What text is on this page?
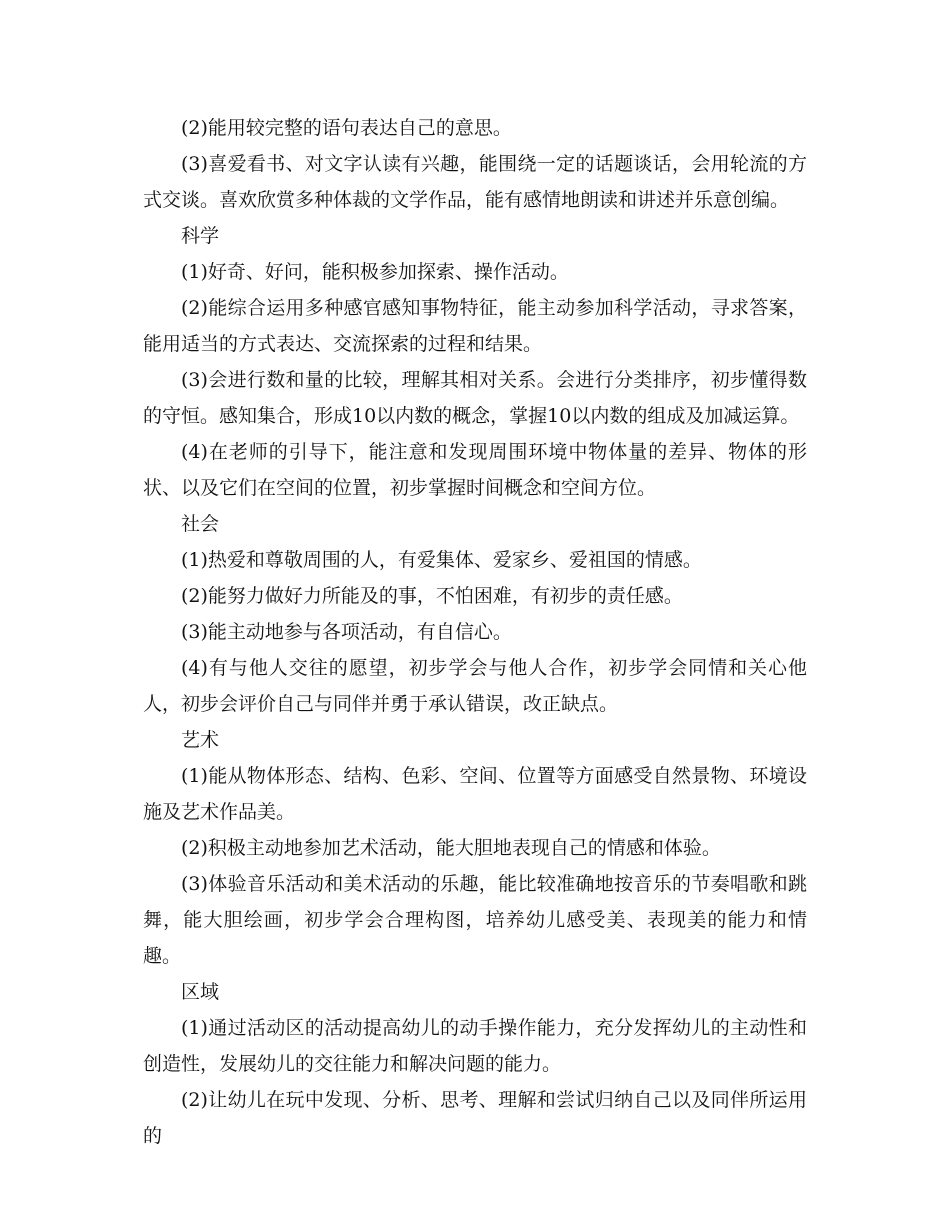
(2)能用较完整的语句表达自己的意思。

(3)喜爱看书、对文字认读有兴趣，能围绕一定的话题谈话，会用轮流的方式交谈。喜欢欣赏多种体裁的文学作品，能有感情地朗读和讲述并乐意创编。

科学

(1)好奇、好问，能积极参加探索、操作活动。

(2)能综合运用多种感官感知事物特征，能主动参加科学活动，寻求答案，能用适当的方式表达、交流探索的过程和结果。

(3)会进行数和量的比较，理解其相对关系。会进行分类排序，初步懂得数的守恒。感知集合，形成10以内数的概念，掌握10以内数的组成及加减运算。

(4)在老师的引导下，能注意和发现周围环境中物体量的差异、物体的形状、以及它们在空间的位置，初步掌握时间概念和空间方位。

社会

(1)热爱和尊敬周围的人，有爱集体、爱家乡、爱祖国的情感。

(2)能努力做好力所能及的事，不怕困难，有初步的责任感。

(3)能主动地参与各项活动，有自信心。

(4)有与他人交往的愿望，初步学会与他人合作，初步学会同情和关心他人，初步会评价自己与同伴并勇于承认错误，改正缺点。

艺术

(1)能从物体形态、结构、色彩、空间、位置等方面感受自然景物、环境设施及艺术作品美。

(2)积极主动地参加艺术活动，能大胆地表现自己的情感和体验。

(3)体验音乐活动和美术活动的乐趣，能比较准确地按音乐的节奏唱歌和跳舞，能大胆绘画，初步学会合理构图，培养幼儿感受美、表现美的能力和情趣。

区域

(1)通过活动区的活动提高幼儿的动手操作能力，充分发挥幼儿的主动性和创造性，发展幼儿的交往能力和解决问题的能力。

(2)让幼儿在玩中发现、分析、思考、理解和尝试归纳自己以及同伴所运用的
